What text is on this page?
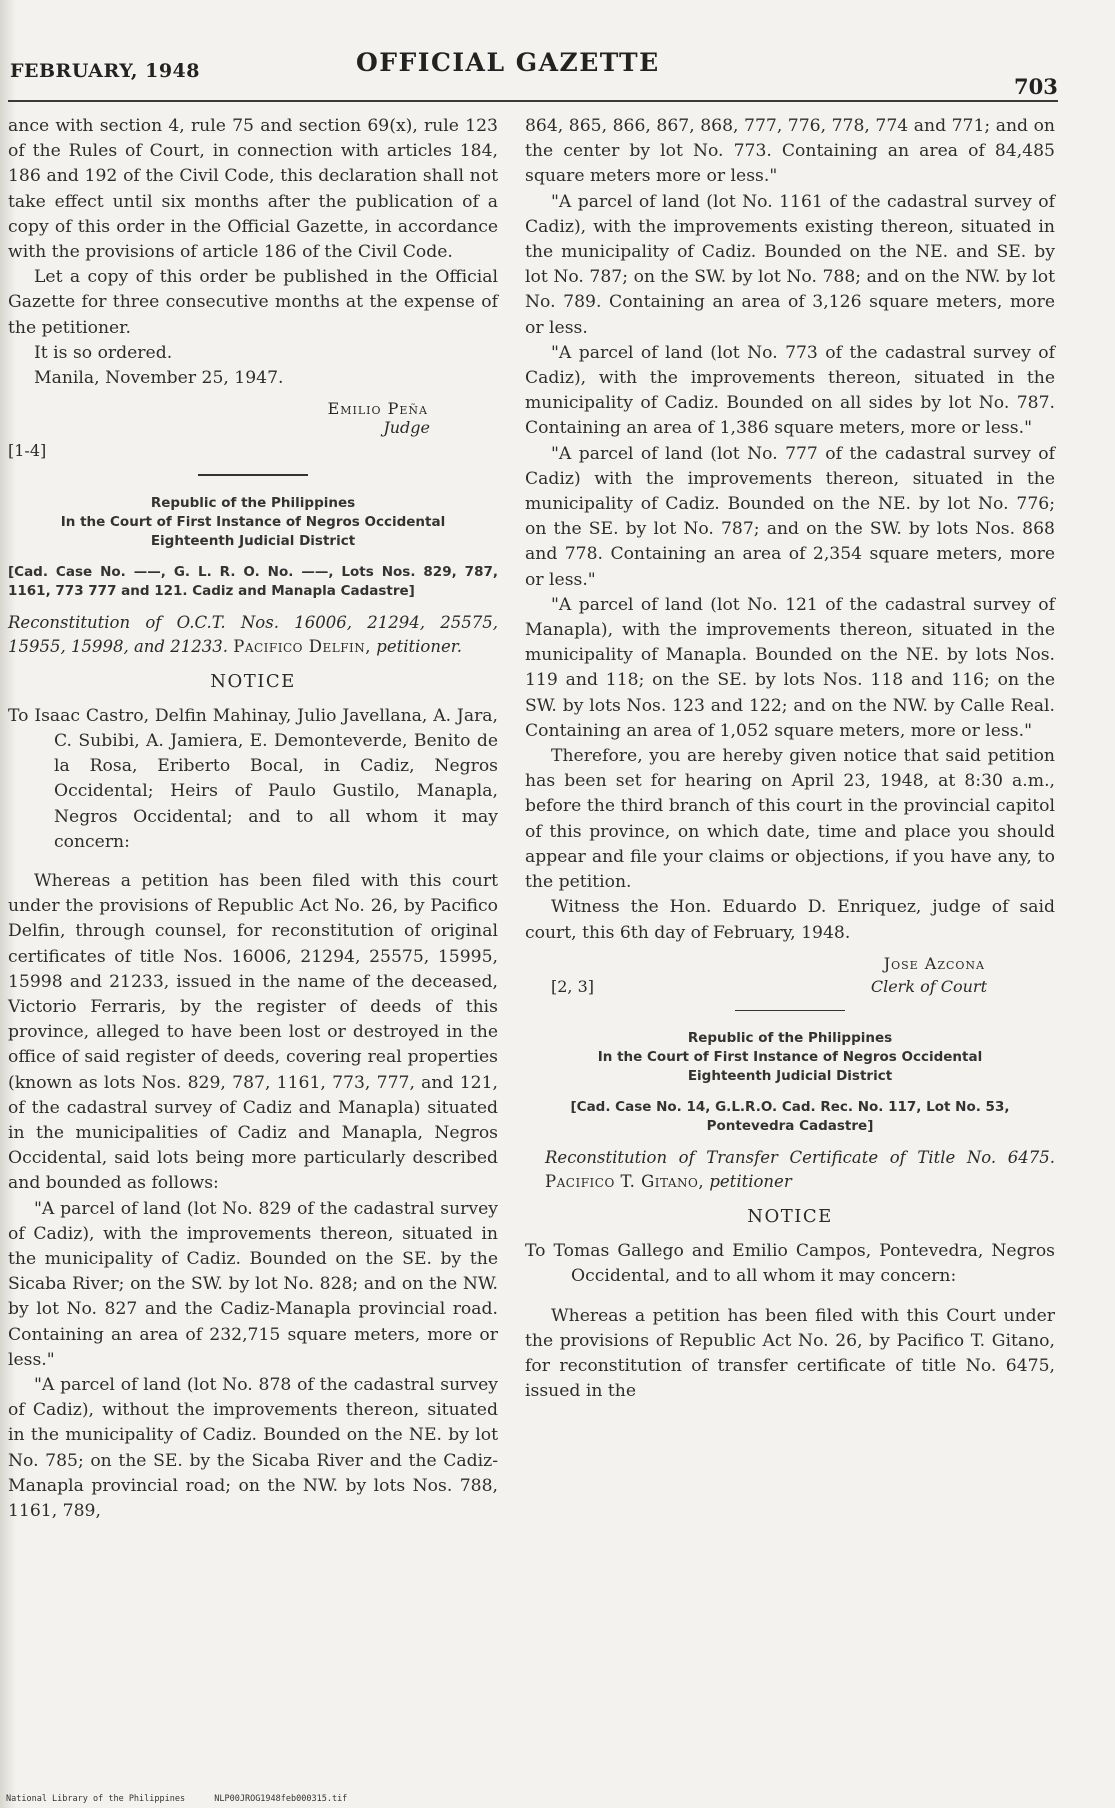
FEBRUARY, 1948	OFFICIAL GAZETTE
703

ance with section 4, rule 75 and section 69(x), rule 123 of the Rules of Court, in connection with articles 184, 186 and 192 of the Civil Code, this declaration shall not take effect until six months after the publication of a copy of this order in the Official Gazette, in accordance with the provisions of article 186 of the Civil Code.

Let a copy of this order be published in the Official Gazette for three consecutive months at the expense of the petitioner.

It is so ordered.

Manila, November 25, 1947.

Emilio Peña
Judge
[1-4]
Republic of the Philippines
In the Court of First Instance of Negros Occidental
Eighteenth Judicial District
[Cad. Case No. ——, G. L. R. O. No. ——, Lots Nos. 829, 787, 1161, 773 777 and 121. Cadiz and Manapla Cadastre]
Reconstitution of O.C.T. Nos. 16006, 21294, 25575, 15955, 15998, and 21233. Pacifico Delfin, petitioner.
NOTICE

To Isaac Castro, Delfin Mahinay, Julio Javellana, A. Jara, C. Subibi, A. Jamiera, E. Demonteverde, Benito de la Rosa, Eriberto Bocal, in Cadiz, Negros Occidental; Heirs of Paulo Gustilo, Manapla, Negros Occidental; and to all whom it may concern:

Whereas a petition has been filed with this court under the provisions of Republic Act No. 26, by Pacifico Delfin, through counsel, for reconstitution of original certificates of title Nos. 16006, 21294, 25575, 15995, 15998 and 21233, issued in the name of the deceased, Victorio Ferraris, by the register of deeds of this province, alleged to have been lost or destroyed in the office of said register of deeds, covering real properties (known as lots Nos. 829, 787, 1161, 773, 777, and 121, of the cadastral survey of Cadiz and Manapla) situated in the municipalities of Cadiz and Manapla, Negros Occidental, said lots being more particularly described and bounded as follows:

"A parcel of land (lot No. 829 of the cadastral survey of Cadiz), with the improvements thereon, situated in the municipality of Cadiz. Bounded on the SE. by the Sicaba River; on the SW. by lot No. 828; and on the NW. by lot No. 827 and the Cadiz-Manapla provincial road. Containing an area of 232,715 square meters, more or less."

"A parcel of land (lot No. 878 of the cadastral survey of Cadiz), without the improvements thereon, situated in the municipality of Cadiz. Bounded on the NE. by lot No. 785; on the SE. by the Sicaba River and the Cadiz-Manapla provincial road; on the NW. by lots Nos. 788, 1161, 789,

864, 865, 866, 867, 868, 777, 776, 778, 774 and 771; and on the center by lot No. 773. Containing an area of 84,485 square meters more or less."

"A parcel of land (lot No. 1161 of the cadastral survey of Cadiz), with the improvements existing thereon, situated in the municipality of Cadiz. Bounded on the NE. and SE. by lot No. 787; on the SW. by lot No. 788; and on the NW. by lot No. 789. Containing an area of 3,126 square meters, more or less.

"A parcel of land (lot No. 773 of the cadastral survey of Cadiz), with the improvements thereon, situated in the municipality of Cadiz. Bounded on all sides by lot No. 787. Containing an area of 1,386 square meters, more or less."

"A parcel of land (lot No. 777 of the cadastral survey of Cadiz) with the improvements thereon, situated in the municipality of Cadiz. Bounded on the NE. by lot No. 776; on the SE. by lot No. 787; and on the SW. by lots Nos. 868 and 778. Containing an area of 2,354 square meters, more or less."

"A parcel of land (lot No. 121 of the cadastral survey of Manapla), with the improvements thereon, situated in the municipality of Manapla. Bounded on the NE. by lots Nos. 119 and 118; on the SE. by lots Nos. 118 and 116; on the SW. by lots Nos. 123 and 122; and on the NW. by Calle Real. Containing an area of 1,052 square meters, more or less."

Therefore, you are hereby given notice that said petition has been set for hearing on April 23, 1948, at 8:30 a.m., before the third branch of this court in the provincial capitol of this province, on which date, time and place you should appear and file your claims or objections, if you have any, to the petition.

Witness the Hon. Eduardo D. Enriquez, judge of said court, this 6th day of February, 1948.

Jose Azcona
[2, 3]	Clerk of Court
Republic of the Philippines
In the Court of First Instance of Negros Occidental
Eighteenth Judicial District
[Cad. Case No. 14, G.L.R.O. Cad. Rec. No. 117, Lot No. 53,
Pontevedra Cadastre]
Reconstitution of Transfer Certificate of Title No. 6475. Pacifico T. Gitano, petitioner
NOTICE

To Tomas Gallego and Emilio Campos, Pontevedra, Negros Occidental, and to all whom it may concern:

Whereas a petition has been filed with this Court under the provisions of Republic Act No. 26, by Pacifico T. Gitano, for reconstitution of transfer certificate of title No. 6475, issued in the

National Library of the Philippines	NLP00JROG1948feb000315.tif
